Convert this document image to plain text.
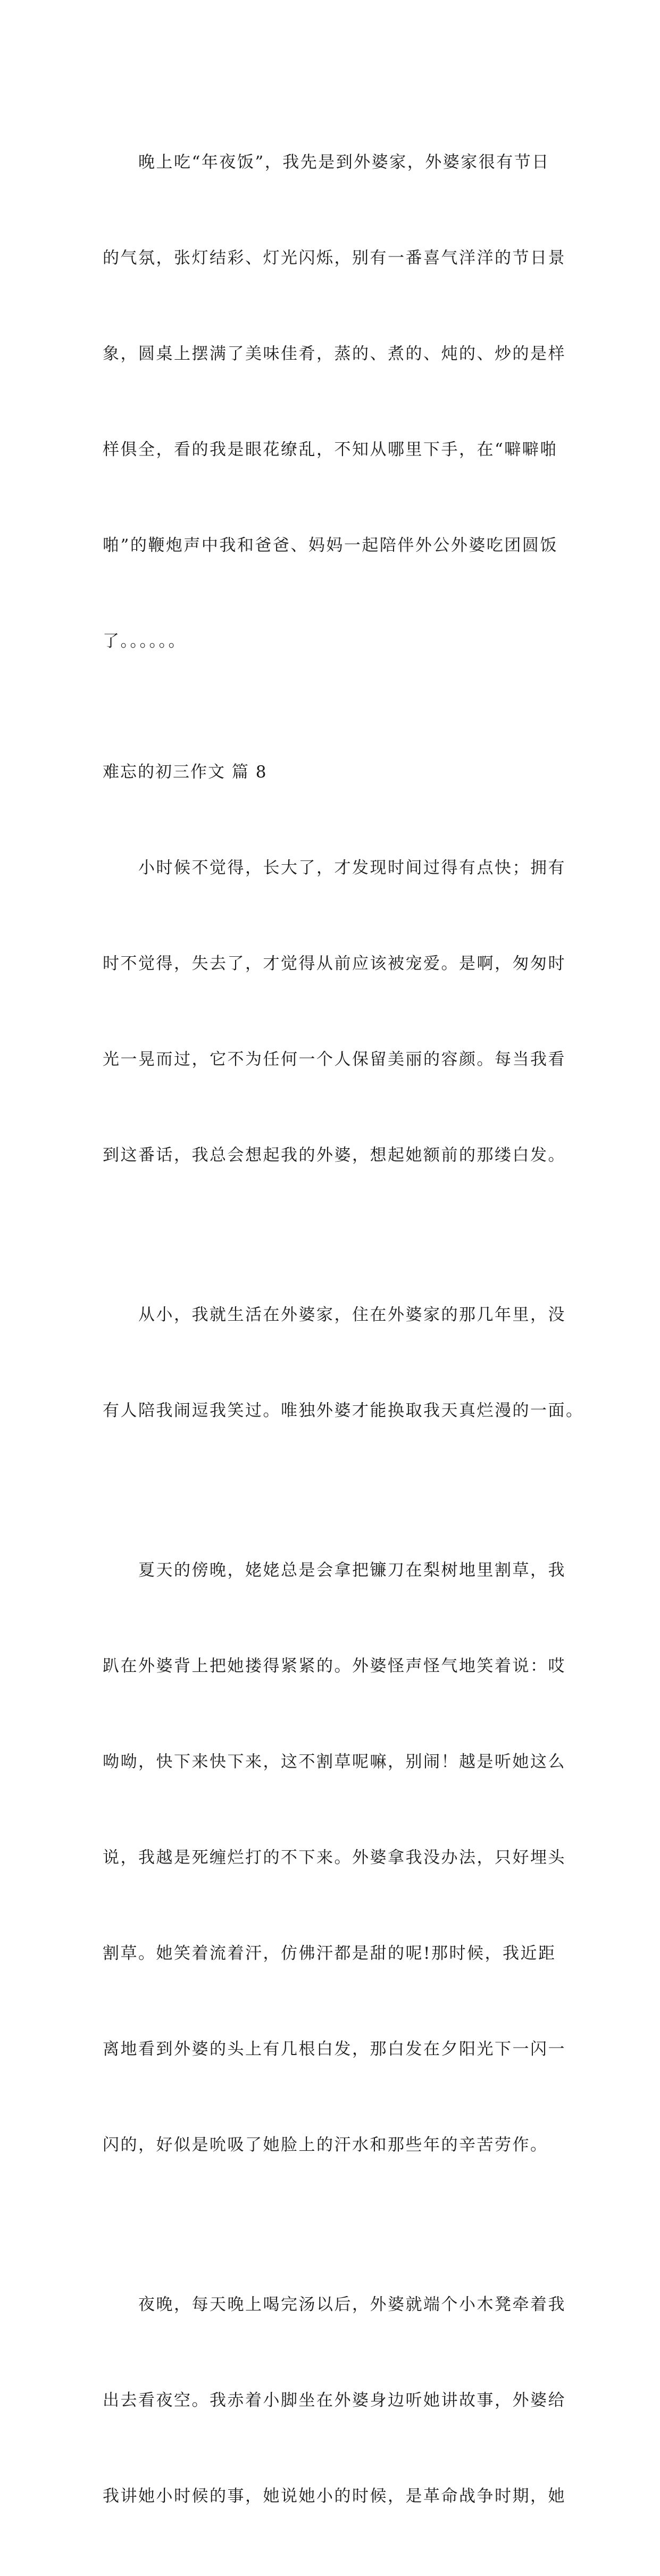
　　晚上吃“年夜饭”，我先是到外婆家，外婆家很有节日

的气氛，张灯结彩、灯光闪烁，别有一番喜气洋洋的节日景

象，圆桌上摆满了美味佳肴，蒸的、煮的、炖的、炒的是样

样俱全，看的我是眼花缭乱，不知从哪里下手，在“噼噼啪

啪”的鞭炮声中我和爸爸、妈妈一起陪伴外公外婆吃团圆饭

了。。。。。。

难忘的初三作文 篇 8

　　小时候不觉得，长大了，才发现时间过得有点快；拥有

时不觉得，失去了，才觉得从前应该被宠爱。是啊，匆匆时

光一晃而过，它不为任何一个人保留美丽的容颜。每当我看

到这番话，我总会想起我的外婆，想起她额前的那缕白发。

　　从小，我就生活在外婆家，住在外婆家的那几年里，没

有人陪我闹逗我笑过。唯独外婆才能换取我天真烂漫的一面。

　　夏天的傍晚，姥姥总是会拿把镰刀在梨树地里割草，我

趴在外婆背上把她搂得紧紧的。外婆怪声怪气地笑着说：哎

呦呦，快下来快下来，这不割草呢嘛，别闹！越是听她这么

说，我越是死缠烂打的不下来。外婆拿我没办法，只好埋头

割草。她笑着流着汗，仿佛汗都是甜的呢!那时候，我近距

离地看到外婆的头上有几根白发，那白发在夕阳光下一闪一

闪的，好似是吮吸了她脸上的汗水和那些年的辛苦劳作。

　　夜晚，每天晚上喝完汤以后，外婆就端个小木凳牵着我

出去看夜空。我赤着小脚坐在外婆身边听她讲故事，外婆给

我讲她小时候的事，她说她小的时候，是革命战争时期，她
